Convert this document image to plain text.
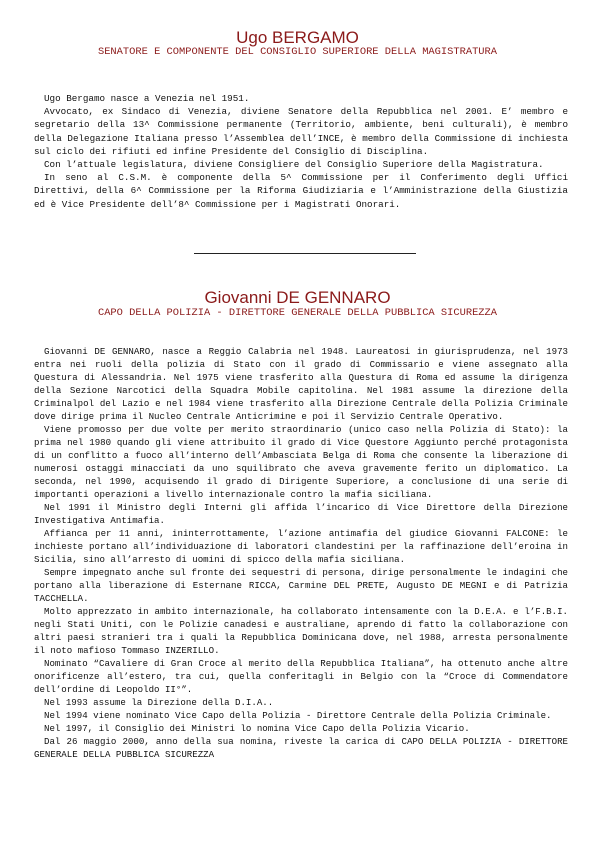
Ugo BERGAMO
SENATORE E COMPONENTE DEL CONSIGLIO SUPERIORE DELLA MAGISTRATURA

Ugo Bergamo nasce a Venezia nel 1951.

Avvocato, ex Sindaco di Venezia, diviene Senatore della Repubblica nel 2001. E’ membro e segretario della 13^ Commissione permanente (Territorio, ambiente, beni culturali), è membro della Delegazione Italiana presso l’Assemblea dell’INCE, è membro della Commissione di inchiesta sul ciclo dei rifiuti ed infine Presidente del Consiglio di Disciplina.

Con l’attuale legislatura, diviene Consigliere del Consiglio Superiore della Magistratura.

In seno al C.S.M. è componente della 5^ Commissione per il Conferimento degli Uffici Direttivi, della 6^ Commissione per la Riforma Giudiziaria e l’Amministrazione della Giustizia ed è Vice Presidente dell’8^ Commissione per i Magistrati Onorari.

Giovanni DE GENNARO
CAPO DELLA POLIZIA - DIRETTORE GENERALE DELLA PUBBLICA SICUREZZA

Giovanni DE GENNARO, nasce a Reggio Calabria nel 1948. Laureatosi in giurisprudenza, nel 1973 entra nei ruoli della polizia di Stato con il grado di Commissario e viene assegnato alla Questura di Alessandria. Nel 1975 viene trasferito alla Questura di Roma ed assume la dirigenza della Sezione Narcotici della Squadra Mobile capitolina. Nel 1981 assume la direzione della Criminalpol del Lazio e nel 1984 viene trasferito alla Direzione Centrale della Polizia Criminale dove dirige prima il Nucleo Centrale Anticrimine e poi il Servizio Centrale Operativo.

Viene promosso per due volte per merito straordinario (unico caso nella Polizia di Stato): la prima nel 1980 quando gli viene attribuito il grado di Vice Questore Aggiunto perché protagonista di un conflitto a fuoco all’interno dell’Ambasciata Belga di Roma che consente la liberazione di numerosi ostaggi minacciati da uno squilibrato che aveva gravemente ferito un diplomatico. La seconda, nel 1990, acquisendo il grado di Dirigente Superiore, a conclusione di una serie di importanti operazioni a livello internazionale contro la mafia siciliana.

Nel 1991 il Ministro degli Interni gli affida l’incarico di Vice Direttore della Direzione Investigativa Antimafia.

Affianca per 11 anni, ininterrottamente, l’azione antimafia del giudice Giovanni FALCONE: le inchieste portano all’individuazione di laboratori clandestini per la raffinazione dell’eroina in Sicilia, sino all’arresto di uomini di spicco della mafia siciliana.

Sempre impegnato anche sul fronte dei sequestri di persona, dirige personalmente le indagini che portano alla liberazione di Esternane RICCA, Carmine DEL PRETE, Augusto DE MEGNI e di Patrizia TACCHELLA.

Molto apprezzato in ambito internazionale, ha collaborato intensamente con la D.E.A. e l’F.B.I. negli Stati Uniti, con le Polizie canadesi e australiane, aprendo di fatto la collaborazione con altri paesi stranieri tra i quali la Repubblica Dominicana dove, nel 1988, arresta personalmente il noto mafioso Tommaso INZERILLO.

Nominato “Cavaliere di Gran Croce al merito della Repubblica Italiana”, ha ottenuto anche altre onorificenze all’estero, tra cui, quella conferitagli in Belgio con la “Croce di Commendatore dell’ordine di Leopoldo II°”.

Nel 1993 assume la Direzione della D.I.A..

Nel 1994 viene nominato Vice Capo della Polizia - Direttore Centrale della Polizia Criminale.

Nel 1997, il Consiglio dei Ministri lo nomina Vice Capo della Polizia Vicario.

Dal 26 maggio 2000, anno della sua nomina, riveste la carica di CAPO DELLA POLIZIA - DIRETTORE GENERALE DELLA PUBBLICA SICUREZZA
